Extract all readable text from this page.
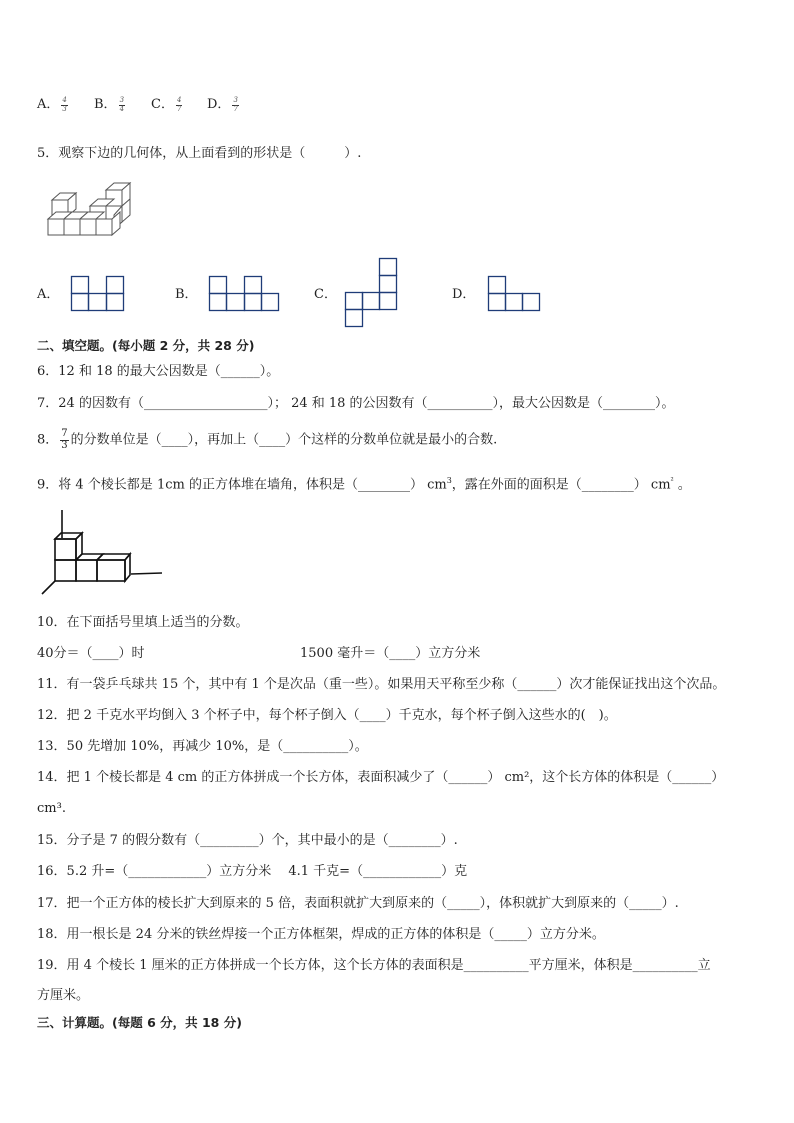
A． $\frac{4}{3}$ B． $\frac{3}{4}$ C． $\frac{4}{7}$ D． $\frac{3}{7}$
5．观察下边的几何体，从上面看到的形状是（　　　）.
A．	B．	C．	D．
二、填空题。(每小题 2 分，共 28 分)
6．12 和 18 的最大公因数是（______）。
7．24 的因数有（___________________）； 24 和 18 的公因数有（__________），最大公因数是（________）。
8． $\frac{7}{3}$ 的分数单位是（____），再加上（____）个这样的分数单位就是最小的合数.
9．将 4 个棱长都是 1cm 的正方体堆在墙角，体积是（________） $cm^3$，露在外面的面积是（________） $cm^{^2}$ 。
10．在下面括号里填上适当的分数。
40分＝（____）时	1500 毫升＝（____）立方分米
11．有一袋乒乓球共 15 个，其中有 1 个是次品（重一些）。如果用天平称至少称（______）次才能保证找出这个次品。
12．把 2 千克水平均倒入 3 个杯子中，每个杯子倒入（____）千克水，每个杯子倒入这些水的(　)。
13．50 先增加 10%，再减少 10%，是（__________）。
14．把 1 个棱长都是 4 cm 的正方体拼成一个长方体，表面积减少了（______） cm²，这个长方体的体积是（______）
cm³.
15．分子是 7 的假分数有（_________）个，其中最小的是（________）.
16．5.2 升=（____________）立方分米　 4.1 千克=（____________）克
17．把一个正方体的棱长扩大到原来的 5 倍，表面积就扩大到原来的（_____），体积就扩大到原来的（_____）.
18．用一根长是 24 分米的铁丝焊接一个正方体框架，焊成的正方体的体积是（_____）立方分米。
19．用 4 个棱长 1 厘米的正方体拼成一个长方体，这个长方体的表面积是__________平方厘米，体积是__________立
方厘米。
三、计算题。(每题 6 分，共 18 分)
